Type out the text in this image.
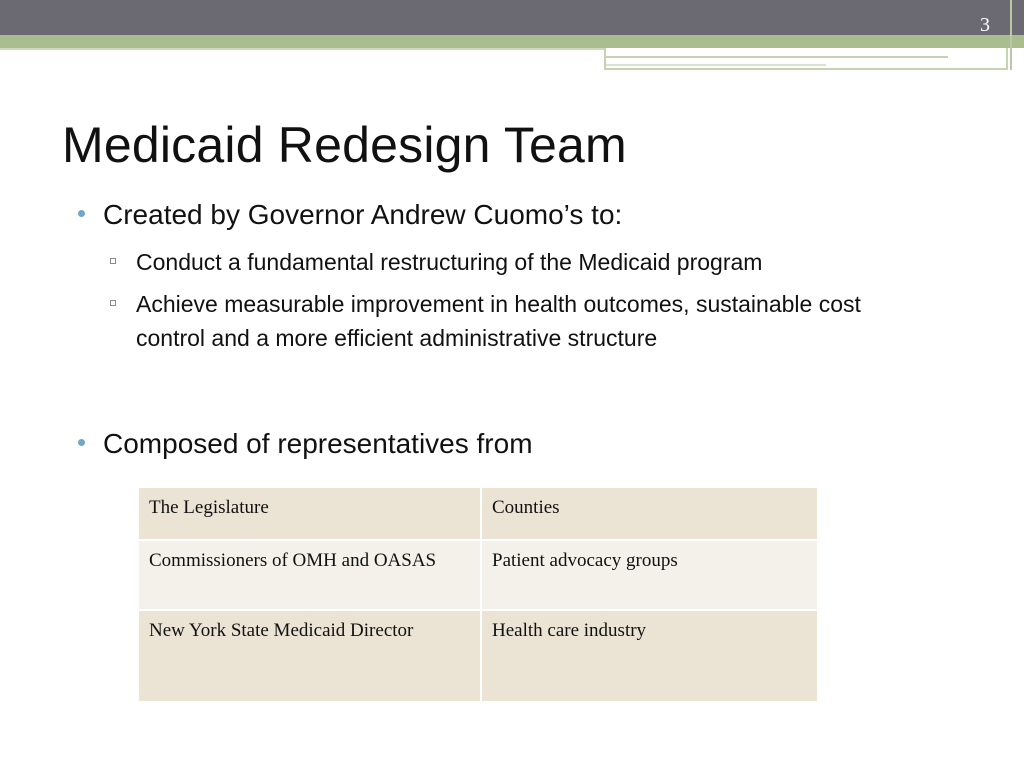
3
Medicaid Redesign Team
Created by Governor Andrew Cuomo’s to:
Conduct a fundamental restructuring of the Medicaid program
Achieve measurable improvement in health outcomes, sustainable cost control and a more efficient administrative structure
Composed of representatives from
The Legislature	Counties
Commissioners of OMH and OASAS	Patient advocacy groups
New York State Medicaid Director	Health care industry
